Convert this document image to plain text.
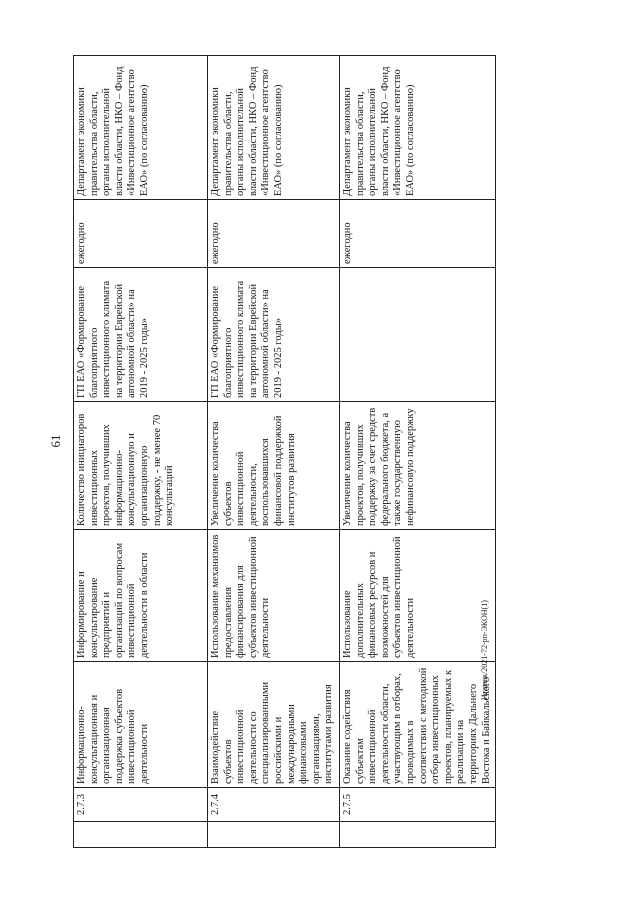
61
	2.7.3	Информационно-консультационная и организационная поддержка субъектов инвестиционной деятельности	Информирование и консультирование предприятий и организаций по вопросам инвестиционной деятельности в области	Количество инициаторов инвестиционных проектов, получивших информационно-консультационную и организационную поддержку, - не менее 70 консультаций	ГП ЕАО «Формирование благоприятного инвестиционного климата на территории Еврейской автономной области» на 2019 - 2025 годы»	ежегодно	Департамент экономики правительства области, органы исполнительной власти области, НКО – Фонд «Инвестиционное агентство ЕАО» (по согласованию)
	2.7.4	Взаимодействие субъектов инвестиционной деятельности со специализированными российскими и международными финансовыми организациями, институтами развития	Использование механизмов предоставления финансирования для субъектов инвестиционной деятельности	Увеличение количества субъектов инвестиционной деятельности, воспользовавшихся финансовой поддержкой институтов развития	ГП ЕАО «Формирование благоприятного инвестиционного климата на территории Еврейской автономной области» на 2019 - 2025 годы»	ежегодно	Департамент экономики правительства области, органы исполнительной власти области, НКО – Фонд «Инвестиционное агентство ЕАО» (по согласованию)
	2.7.5	Оказание содействия субъектам инвестиционной деятельности области, участвующим в отборах, проводимых в соответствии с методикой отбора инвестиционных проектов, планируемых к реализации на территориях Дальнего Востока и Байкальского	Использование дополнительных финансовых ресурсов и возможностей для субъектов инвестиционной деятельности	Увеличение количества проектов, получивших поддержку за счет средств федерального бюджета, а также государственную нефинансовую поддержку		ежегодно	Департамент экономики правительства области, органы исполнительной власти области, НКО – Фонд «Инвестиционное агентство ЕАО» (по согласованию)
Итатюк/2021-72-рп-ЭКОН(1)
